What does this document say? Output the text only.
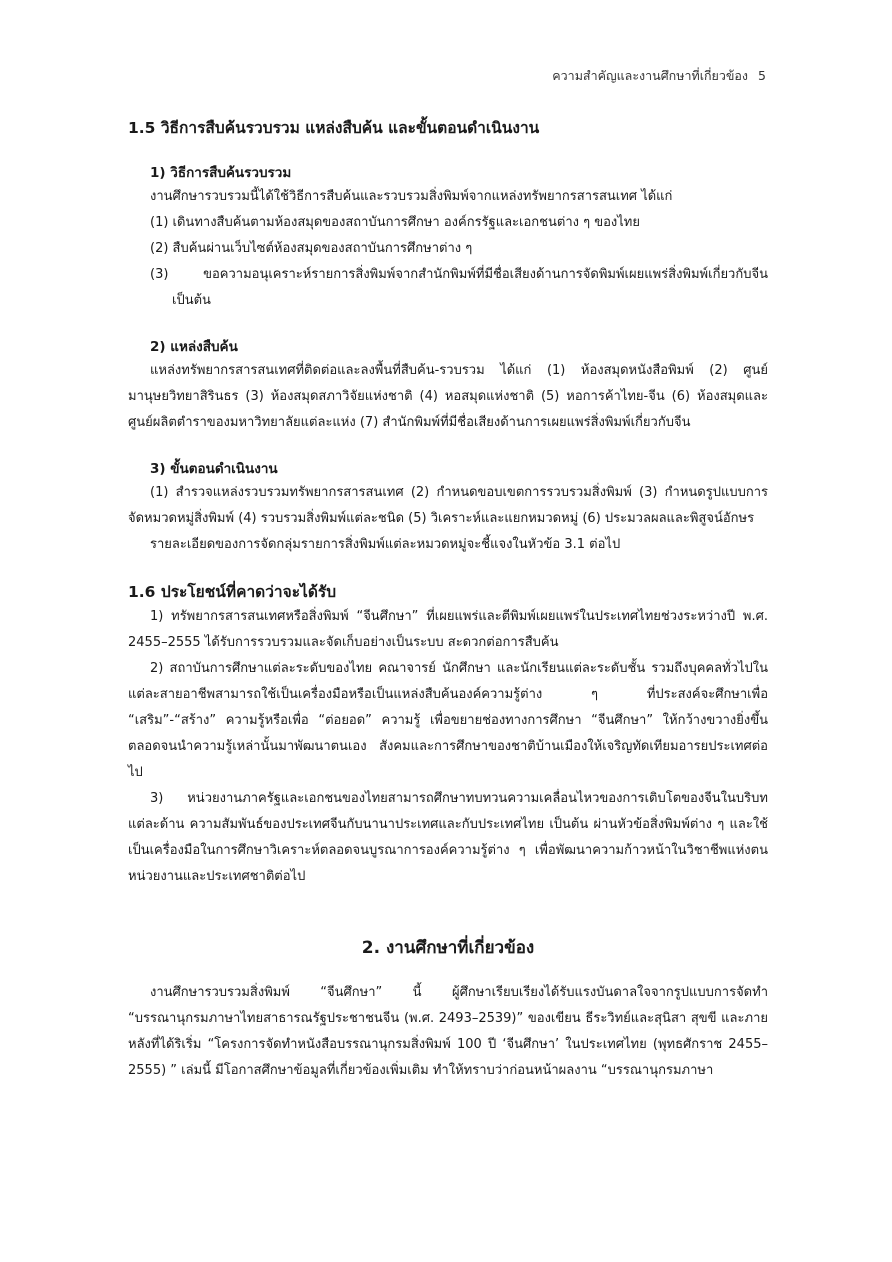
ความสำคัญและงานศึกษาที่เกี่ยวข้อง 5
1.5 วิธีการสืบค้นรวบรวม แหล่งสืบค้น และขั้นตอนดำเนินงาน
1) วิธีการสืบค้นรวบรวม

งานศึกษารวบรวมนี้ได้ใช้วิธีการสืบค้นและรวบรวมสิ่งพิมพ์จากแหล่งทรัพยากรสารสนเทศ ได้แก่

(1) เดินทางสืบค้นตามห้องสมุดของสถาบันการศึกษา องค์กรรัฐและเอกชนต่าง ๆ ของไทย

(2) สืบค้นผ่านเว็บไซต์ห้องสมุดของสถาบันการศึกษาต่าง ๆ

(3) ขอความอนุเคราะห์รายการสิ่งพิมพ์จากสำนักพิมพ์ที่มีชื่อเสียงด้านการจัดพิมพ์เผยแพร่สิ่งพิมพ์เกี่ยวกับจีน เป็นต้น

2) แหล่งสืบค้น

แหล่งทรัพยากรสารสนเทศที่ติดต่อและลงพื้นที่สืบค้น-รวบรวม ได้แก่ (1) ห้องสมุดหนังสือพิมพ์ (2) ศูนย์มานุษยวิทยาสิรินธร (3) ห้องสมุดสภาวิจัยแห่งชาติ (4) หอสมุดแห่งชาติ (5) หอการค้าไทย-จีน (6) ห้องสมุดและศูนย์ผลิตตำราของมหาวิทยาลัยแต่ละแห่ง (7) สำนักพิมพ์ที่มีชื่อเสียงด้านการเผยแพร่สิ่งพิมพ์เกี่ยวกับจีน

3) ขั้นตอนดำเนินงาน

(1) สำรวจแหล่งรวบรวมทรัพยากรสารสนเทศ (2) กำหนดขอบเขตการรวบรวมสิ่งพิมพ์ (3) กำหนดรูปแบบการจัดหมวดหมู่สิ่งพิมพ์ (4) รวบรวมสิ่งพิมพ์แต่ละชนิด (5) วิเคราะห์และแยกหมวดหมู่ (6) ประมวลผลและพิสูจน์อักษร

รายละเอียดของการจัดกลุ่มรายการสิ่งพิมพ์แต่ละหมวดหมู่จะชี้แจงในหัวข้อ 3.1 ต่อไป

1.6 ประโยชน์ที่คาดว่าจะได้รับ

1) ทรัพยากรสารสนเทศหรือสิ่งพิมพ์ “จีนศึกษา” ที่เผยแพร่และตีพิมพ์เผยแพร่ในประเทศไทยช่วงระหว่างปี พ.ศ. 2455–2555 ได้รับการรวบรวมและจัดเก็บอย่างเป็นระบบ สะดวกต่อการสืบค้น

2) สถาบันการศึกษาแต่ละระดับของไทย คณาจารย์ นักศึกษา และนักเรียนแต่ละระดับชั้น รวมถึงบุคคลทั่วไปในแต่ละสายอาชีพสามารถใช้เป็นเครื่องมือหรือเป็นแหล่งสืบค้นองค์ความรู้ต่าง ๆ ที่ประสงค์จะศึกษาเพื่อ “เสริม”-“สร้าง” ความรู้หรือเพื่อ “ต่อยอด” ความรู้ เพื่อขยายช่องทางการศึกษา “จีนศึกษา” ให้กว้างขวางยิ่งขึ้น ตลอดจนนำความรู้เหล่านั้นมาพัฒนาตนเอง สังคมและการศึกษาของชาติบ้านเมืองให้เจริญทัดเทียมอารยประเทศต่อไป

3) หน่วยงานภาครัฐและเอกชนของไทยสามารถศึกษาทบทวนความเคลื่อนไหวของการเติบโตของจีนในบริบทแต่ละด้าน ความสัมพันธ์ของประเทศจีนกับนานาประเทศและกับประเทศไทย เป็นต้น ผ่านหัวข้อสิ่งพิมพ์ต่าง ๆ และใช้เป็นเครื่องมือในการศึกษาวิเคราะห์ตลอดจนบูรณาการองค์ความรู้ต่าง ๆ เพื่อพัฒนาความก้าวหน้าในวิชาชีพแห่งตน หน่วยงานและประเทศชาติต่อไป

2. งานศึกษาที่เกี่ยวข้อง

งานศึกษารวบรวมสิ่งพิมพ์ “จีนศึกษา” นี้ ผู้ศึกษาเรียบเรียงได้รับแรงบันดาลใจจากรูปแบบการจัดทำ “บรรณานุกรมภาษาไทยสาธารณรัฐประชาชนจีน (พ.ศ. 2493–2539)” ของเขียน ธีระวิทย์และสุนิสา สุขขี และภายหลังที่ได้ริเริ่ม “โครงการจัดทำหนังสือบรรณานุกรมสิ่งพิมพ์ 100 ปี ‘จีนศึกษา’ ในประเทศไทย (พุทธศักราช 2455–2555) ” เล่มนี้ มีโอกาสศึกษาข้อมูลที่เกี่ยวข้องเพิ่มเติม ทำให้ทราบว่าก่อนหน้าผลงาน “บรรณานุกรมภาษา
